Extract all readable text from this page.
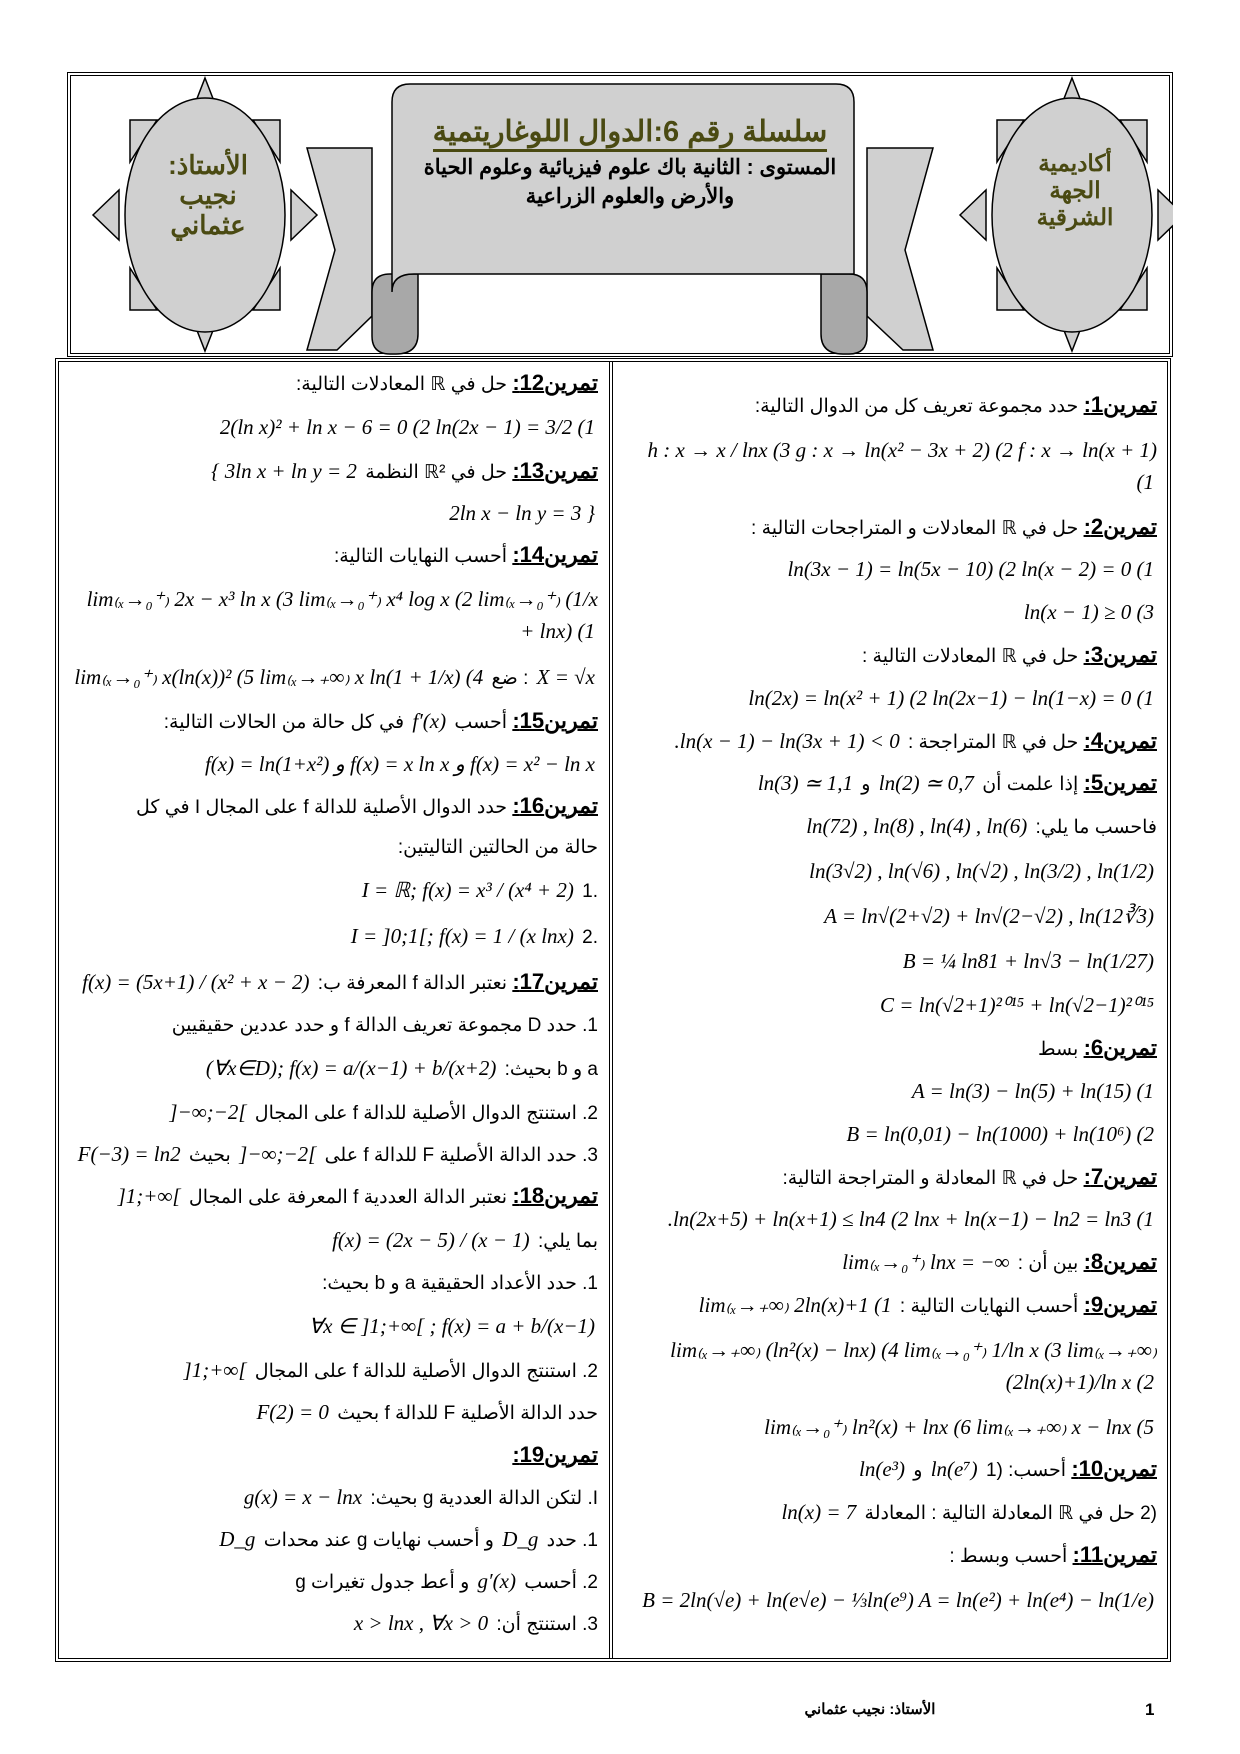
سلسلة رقم 6:الدوال اللوغاريتمية
المستوى : الثانية باك علوم فيزيائية وعلوم الحياة
والأرض والعلوم الزراعية
الأستاذ:
نجيب
عثماني
أكاديمية
الجهة
الشرقية
تمرين1: حدد مجموعة تعريف كل من الدوال التالية:
h : x → x / lnx (3 g : x → ln(x² − 3x + 2) (2 f : x → ln(x + 1) (1
تمرين2: حل في ℝ المعادلات و المتراجحات التالية :
ln(3x − 1) = ln(5x − 10) (2 ln(x − 2) = 0 (1
ln(x − 1) ≥ 0 (3
تمرين3: حل في ℝ المعادلات التالية :
ln(2x) = ln(x² + 1) (2 ln(2x−1) − ln(1−x) = 0 (1
تمرين4: حل في ℝ المتراجحة : .ln(x − 1) − ln(3x + 1) < 0
تمرين5: إذا علمت أن ln(2) ≃ 0,7 و ln(3) ≃ 1,1
فاحسب ما يلي: ln(72) , ln(8) , ln(4) , ln(6)
ln(3√2) , ln(√6) , ln(√2) , ln(3/2) , ln(1/2)
A = ln√(2+√2) + ln√(2−√2) , ln(12∛3)
B = ¼ ln81 + ln√3 − ln(1/27)
C = ln(√2+1)²⁰¹⁵ + ln(√2−1)²⁰¹⁵
تمرين6: بسط
A = ln(3) − ln(5) + ln(15) (1
B = ln(0,01) − ln(1000) + ln(10⁶) (2
تمرين7: حل في ℝ المعادلة و المتراجحة التالية:
.ln(2x+5) + ln(x+1) ≤ ln4 (2 lnx + ln(x−1) − ln2 = ln3 (1
تمرين8: بين أن : lim₍ₓ→₀⁺₎ lnx = −∞
تمرين9: أحسب النهايات التالية : lim₍ₓ→₊∞₎ 2ln(x)+1 (1
lim₍ₓ→₊∞₎ (ln²(x) − lnx) (4 lim₍ₓ→₀⁺₎ 1/ln x (3 lim₍ₓ→₊∞₎ (2ln(x)+1)/ln x (2
lim₍ₓ→₀⁺₎ ln²(x) + lnx (6 lim₍ₓ→₊∞₎ x − lnx (5
تمرين10: أحسب: (1 ln(e⁷) و ln(e³)
(2 حل في ℝ المعادلة التالية : المعادلة ln(x) = 7
تمرين11: أحسب وبسط :
B = 2ln(√e) + ln(e√e) − ⅓ln(e⁹) A = ln(e²) + ln(e⁴) − ln(1/e)
تمرين12: حل في ℝ المعادلات التالية:
2(ln x)² + ln x − 6 = 0 (2 ln(2x − 1) = 3/2 (1
تمرين13: حل في ℝ² النظمة { 3ln x + ln y = 2
2ln x − ln y = 3 }
تمرين14: أحسب النهايات التالية:
lim₍ₓ→₀⁺₎ 2x − x³ ln x (3 lim₍ₓ→₀⁺₎ x⁴ log x (2 lim₍ₓ→₀⁺₎ (1/x + lnx) (1
X = √x : ضع lim₍ₓ→₀⁺₎ x(ln(x))² (5 lim₍ₓ→₊∞₎ x ln(1 + 1/x) (4
تمرين15: أحسب f′(x) في كل حالة من الحالات التالية:
f(x) = ln(1+x²) و f(x) = x ln x و f(x) = x² − ln x
تمرين16: حدد الدوال الأصلية للدالة f على المجال I في كل
حالة من الحالتين التاليتين:
.1 I = ℝ; f(x) = x³ / (x⁴ + 2)
.2 I = ]0;1[; f(x) = 1 / (x lnx)
تمرين17: نعتبر الدالة f المعرفة ب: f(x) = (5x+1) / (x² + x − 2)
1. حدد D مجموعة تعريف الدالة f و حدد عددين حقيقيين
a و b بحيث: (∀x∈D); f(x) = a/(x−1) + b/(x+2)
2. استنتج الدوال الأصلية للدالة f على المجال ]−∞;−2[
3. حدد الدالة الأصلية F للدالة f على ]−∞;−2[ بحيث F(−3) = ln2
تمرين18: نعتبر الدالة العددية f المعرفة على المجال ]1;+∞[
بما يلي: f(x) = (2x − 5) / (x − 1)
1. حدد الأعداد الحقيقية a و b بحيث:
∀x ∈ ]1;+∞[ ; f(x) = a + b/(x−1)
2. استنتج الدوال الأصلية للدالة f على المجال ]1;+∞[
حدد الدالة الأصلية F للدالة f بحيث F(2) = 0
تمرين19:
I. لتكن الدالة العددية g بحيث: g(x) = x − lnx
1. حدد D_g و أحسب نهايات g عند محدات D_g
2. أحسب g′(x) و أعط جدول تغيرات g
3. استنتج أن: x > lnx , ∀x > 0
1
الأستاذ: نجيب عثماني
